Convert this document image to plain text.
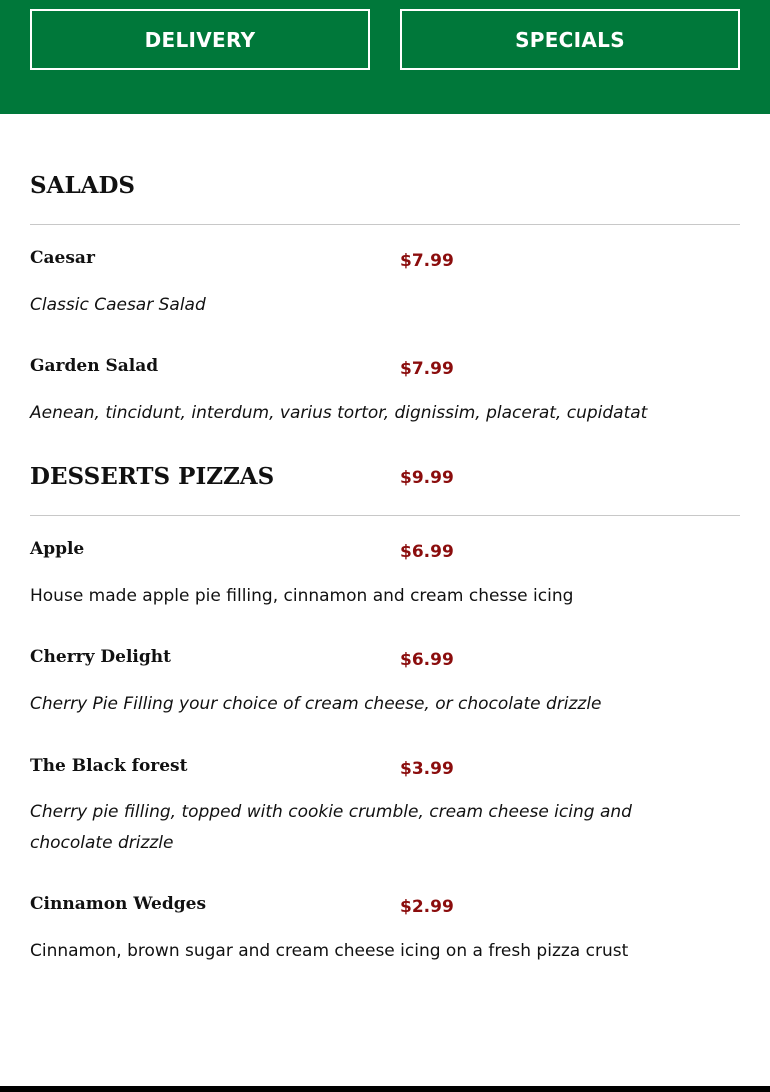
DELIVERY	SPECIALS
SALADS
Caesar	$7.99
Classic Caesar Salad
Garden Salad	$7.99
Aenean, tincidunt, interdum, varius tortor, dignissim, placerat, cupidatat
DESSERTS PIZZAS	$9.99
Apple	$6.99
House made apple pie filling, cinnamon and cream chesse icing
Cherry Delight	$6.99
Cherry Pie Filling your choice of cream cheese, or chocolate drizzle
The Black forest	$3.99
Cherry pie filling, topped with cookie crumble, cream cheese icing and chocolate drizzle
Cinnamon Wedges	$2.99
Cinnamon, brown sugar and cream cheese icing on a fresh pizza crust
